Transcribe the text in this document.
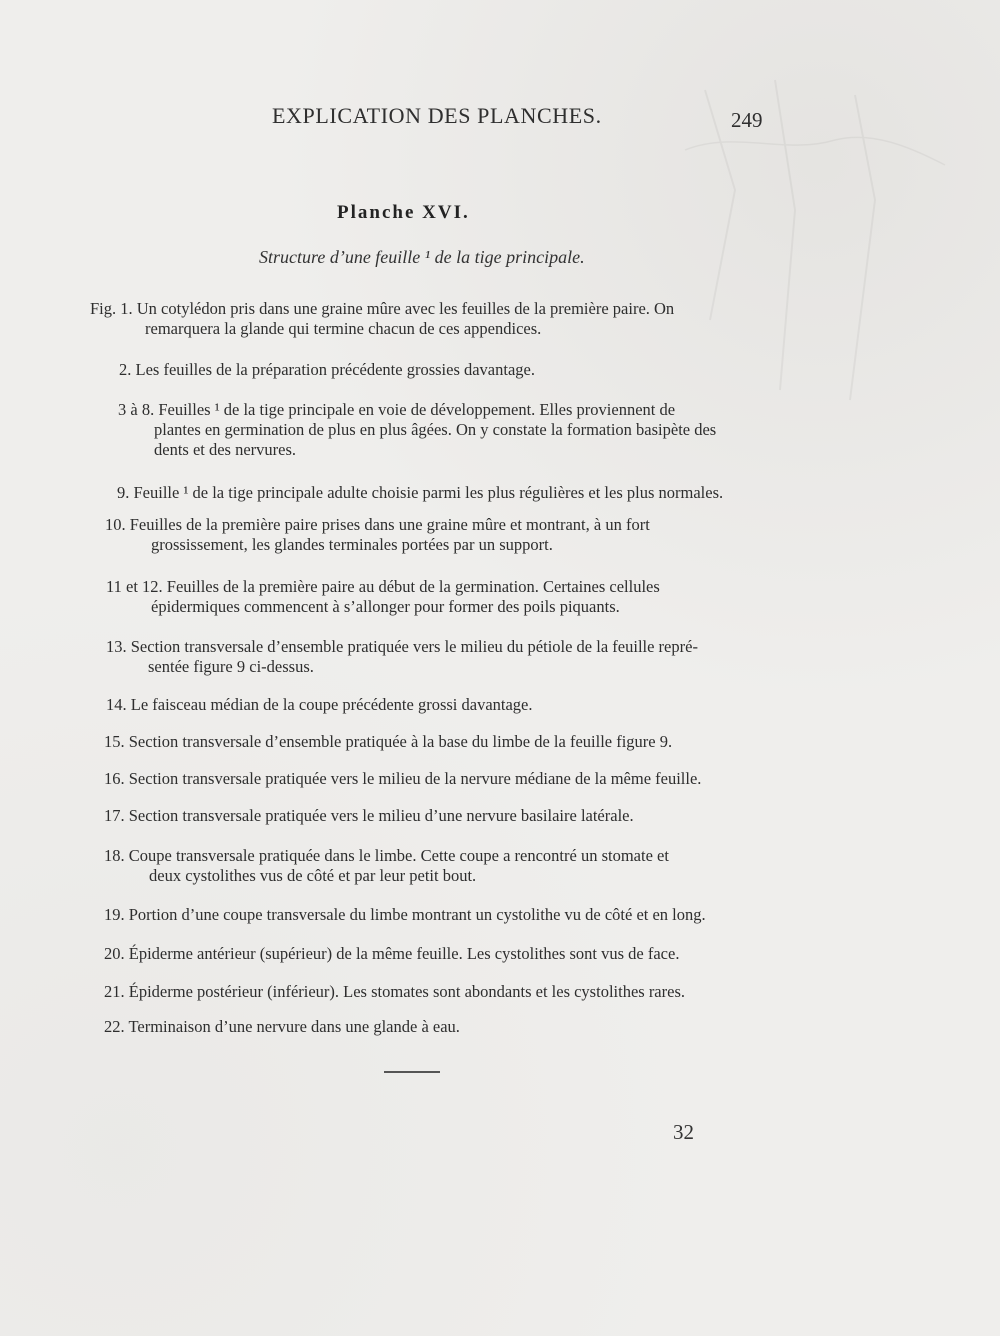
EXPLICATION DES PLANCHES.	249
Planche XVI.
Structure d’une feuille ¹ de la tige principale.
Fig. 1. Un cotylédon pris dans une graine mûre avec les feuilles de la première paire. On
remarquera la glande qui termine chacun de ces appendices.
2. Les feuilles de la préparation précédente grossies davantage.
3 à 8. Feuilles ¹ de la tige principale en voie de développement. Elles proviennent de
plantes en germination de plus en plus âgées. On y constate la formation basipète des
dents et des nervures.
9. Feuille ¹ de la tige principale adulte choisie parmi les plus régulières et les plus normales.
10. Feuilles de la première paire prises dans une graine mûre et montrant, à un fort
grossissement, les glandes terminales portées par un support.
11 et 12. Feuilles de la première paire au début de la germination. Certaines cellules
épidermiques commencent à s’allonger pour former des poils piquants.
13. Section transversale d’ensemble pratiquée vers le milieu du pétiole de la feuille repré-
sentée figure 9 ci-dessus.
14. Le faisceau médian de la coupe précédente grossi davantage.
15. Section transversale d’ensemble pratiquée à la base du limbe de la feuille figure 9.
16. Section transversale pratiquée vers le milieu de la nervure médiane de la même feuille.
17. Section transversale pratiquée vers le milieu d’une nervure basilaire latérale.
18. Coupe transversale pratiquée dans le limbe. Cette coupe a rencontré un stomate et
deux cystolithes vus de côté et par leur petit bout.
19. Portion d’une coupe transversale du limbe montrant un cystolithe vu de côté et en long.
20. Épiderme antérieur (supérieur) de la même feuille. Les cystolithes sont vus de face.
21. Épiderme postérieur (inférieur). Les stomates sont abondants et les cystolithes rares.
22. Terminaison d’une nervure dans une glande à eau.
32
